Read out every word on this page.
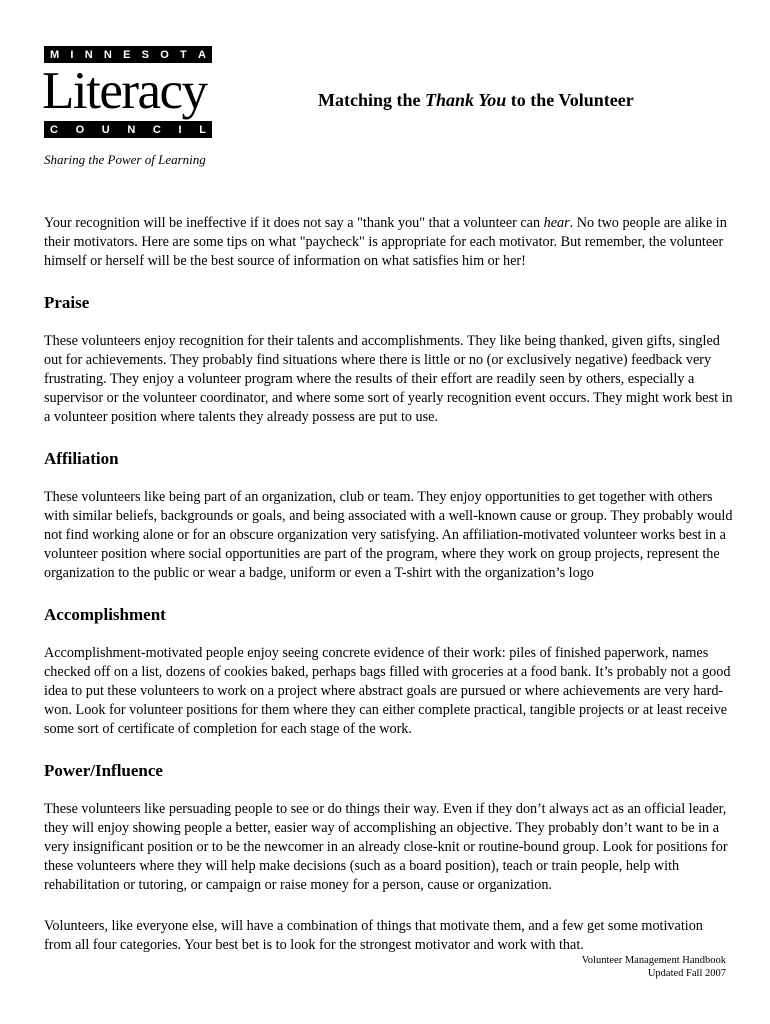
M I N N E S O T A
Literacy
C O U N C I L
Sharing the Power of Learning
Matching the Thank You to the Volunteer

Your recognition will be ineffective if it does not say a "thank you" that a volunteer can hear. No two people are alike in their motivators. Here are some tips on what "paycheck" is appropriate for each motivator. But remember, the volunteer himself or herself will be the best source of information on what satisfies him or her!

Praise

These volunteers enjoy recognition for their talents and accomplishments. They like being thanked, given gifts, singled out for achievements. They probably find situations where there is little or no (or exclusively negative) feedback very frustrating. They enjoy a volunteer program where the results of their effort are readily seen by others, especially a supervisor or the volunteer coordinator, and where some sort of yearly recognition event occurs. They might work best in a volunteer position where talents they already possess are put to use.

Affiliation

These volunteers like being part of an organization, club or team. They enjoy opportunities to get together with others with similar beliefs, backgrounds or goals, and being associated with a well-known cause or group. They probably would not find working alone or for an obscure organization very satisfying. An affiliation-motivated volunteer works best in a volunteer position where social opportunities are part of the program, where they work on group projects, represent the organization to the public or wear a badge, uniform or even a T-shirt with the organization’s logo

Accomplishment

Accomplishment-motivated people enjoy seeing concrete evidence of their work: piles of finished paperwork, names checked off on a list, dozens of cookies baked, perhaps bags filled with groceries at a food bank. It’s probably not a good idea to put these volunteers to work on a project where abstract goals are pursued or where achievements are very hard-won. Look for volunteer positions for them where they can either complete practical, tangible projects or at least receive some sort of certificate of completion for each stage of the work.

Power/Influence

These volunteers like persuading people to see or do things their way. Even if they don’t always act as an official leader, they will enjoy showing people a better, easier way of accomplishing an objective. They probably don’t want to be in a very insignificant position or to be the newcomer in an already close-knit or routine-bound group. Look for positions for these volunteers where they will help make decisions (such as a board position), teach or train people, help with rehabilitation or tutoring, or campaign or raise money for a person, cause or organization.

Volunteers, like everyone else, will have a combination of things that motivate them, and a few get some motivation from all four categories. Your best bet is to look for the strongest motivator and work with that.

Volunteer Management Handbook
Updated Fall 2007
